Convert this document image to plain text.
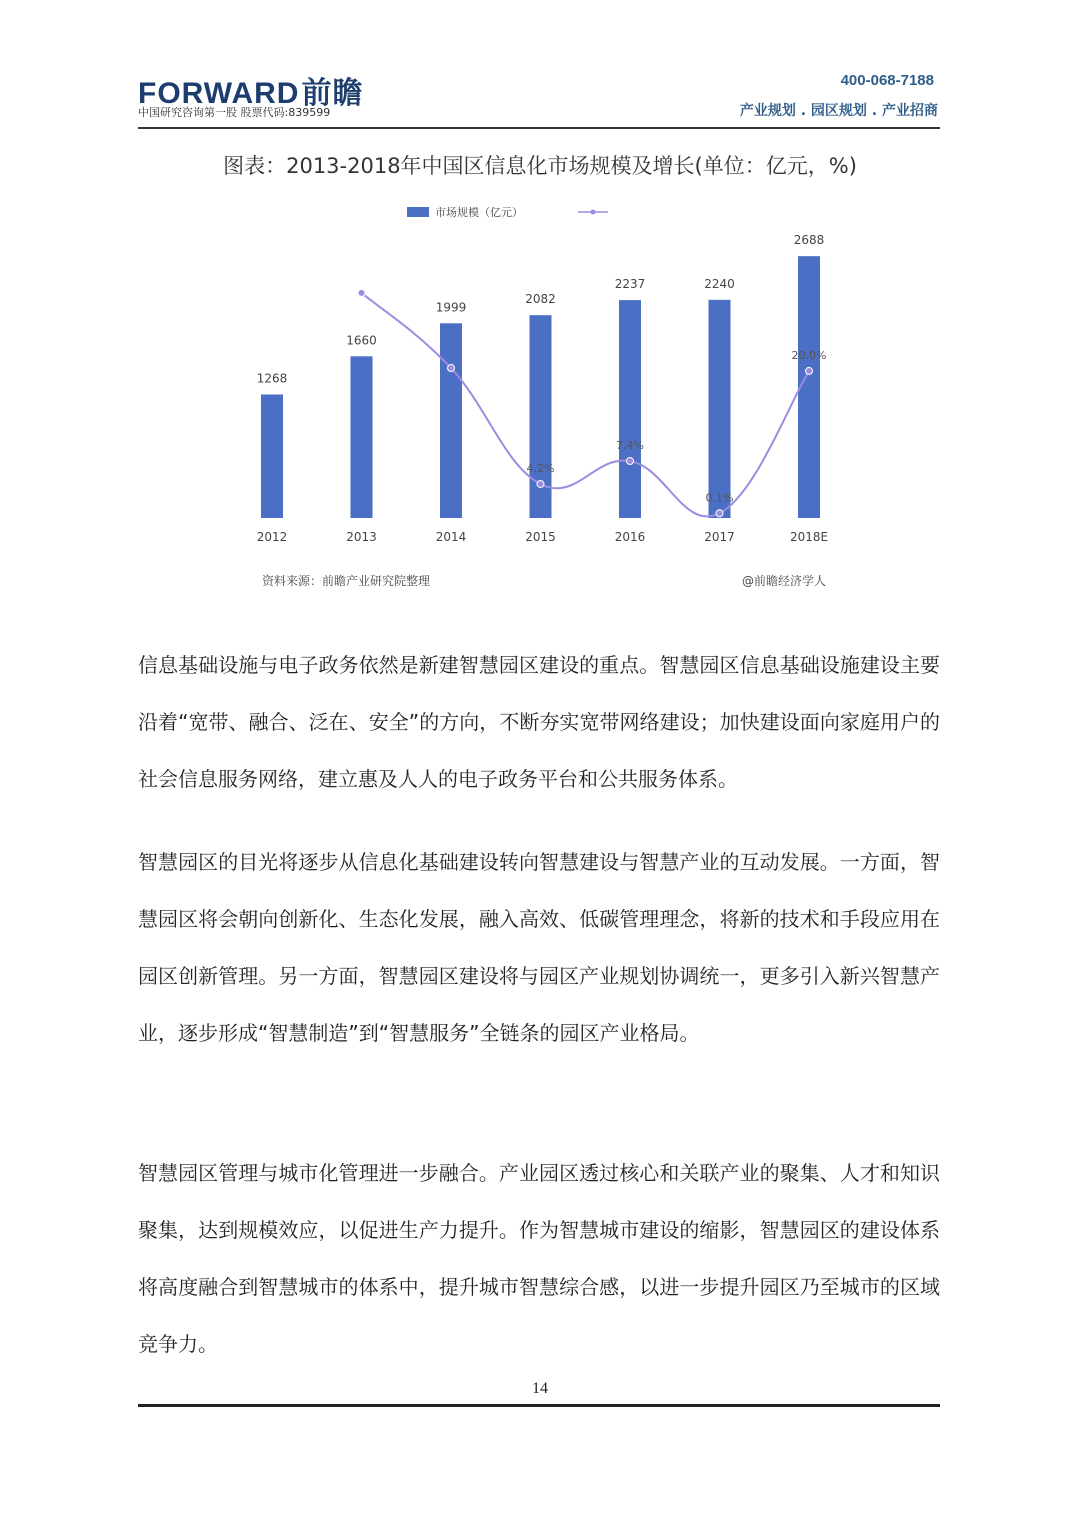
FORWARD前瞻
中国研究咨询第一股 股票代码:839599
400-068-7188
产业规划 . 园区规划 . 产业招商
图表：2013-2018年中国区信息化市场规模及增长(单位：亿元，%)
市场规模（亿元）
1268
2012
1660
2013
1999
2014
2082
2015
2237
2016
2240
2017
2688
2018E
4.2%
7.4%
0.1%
20.0%
资料来源：前瞻产业研究院整理	@前瞻经济学人
信息基础设施与电子政务依然是新建智慧园区建设的重点。智慧园区信息基础设施建设主要沿着“宽带、融合、泛在、安全”的方向，不断夯实宽带网络建设；加快建设面向家庭用户的社会信息服务网络，建立惠及人人的电子政务平台和公共服务体系。
智慧园区的目光将逐步从信息化基础建设转向智慧建设与智慧产业的互动发展。一方面，智慧园区将会朝向创新化、生态化发展，融入高效、低碳管理理念，将新的技术和手段应用在园区创新管理。另一方面，智慧园区建设将与园区产业规划协调统一，更多引入新兴智慧产业，逐步形成“智慧制造”到“智慧服务”全链条的园区产业格局。
智慧园区管理与城市化管理进一步融合。产业园区透过核心和关联产业的聚集、人才和知识聚集，达到规模效应，以促进生产力提升。作为智慧城市建设的缩影，智慧园区的建设体系将高度融合到智慧城市的体系中，提升城市智慧综合感，以进一步提升园区乃至城市的区域竞争力。
14
